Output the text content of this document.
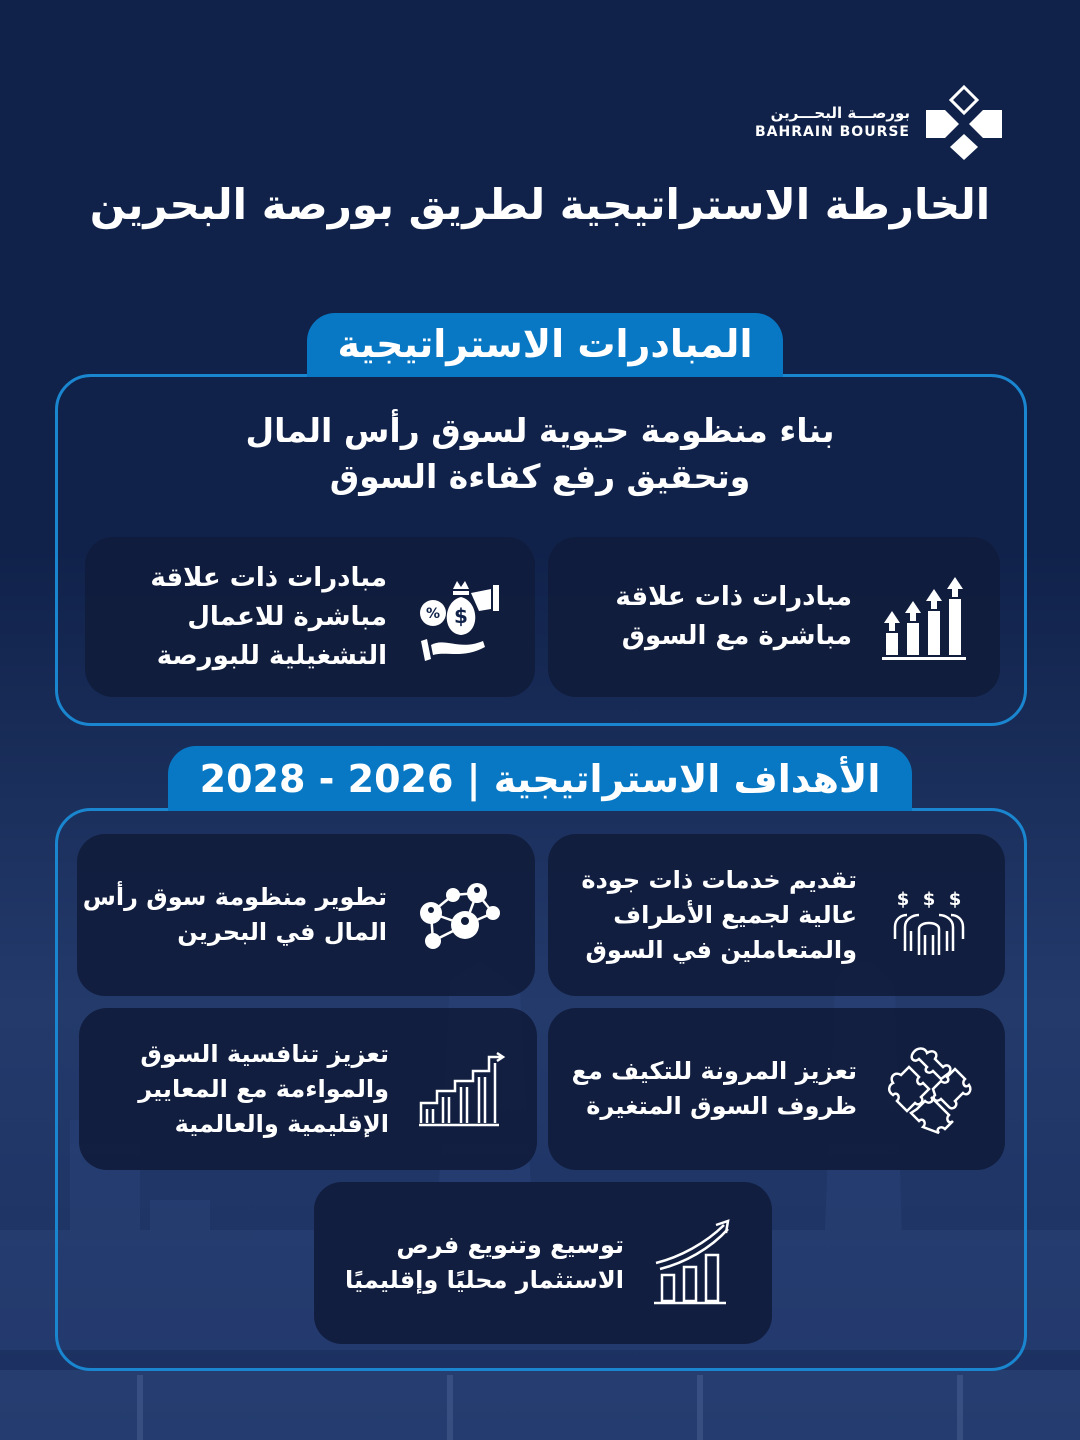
بورصـــة البحـــرين
BAHRAIN BOURSE
الخارطة الاستراتيجية لطريق بورصة البحرين
المبادرات الاستراتيجية
بناء منظومة حيوية لسوق رأس المال
وتحقيق رفع كفاءة السوق
مبادرات ذات علاقة
مباشرة مع السوق
مبادرات ذات علاقة
مباشرة للاعمال
التشغيلية للبورصة
% $
الأهداف الاستراتيجية | 2026 - 2028
تقديم خدمات ذات جودة
عالية لجميع الأطراف
والمتعاملين في السوق
$ $ $
تطوير منظومة سوق رأس
المال في البحرين
تعزيز المرونة للتكيف مع
ظروف السوق المتغيرة
تعزيز تنافسية السوق
والمواءمة مع المعايير
الإقليمية والعالمية
توسيع وتنويع فرص
الاستثمار محليًا وإقليميًا
